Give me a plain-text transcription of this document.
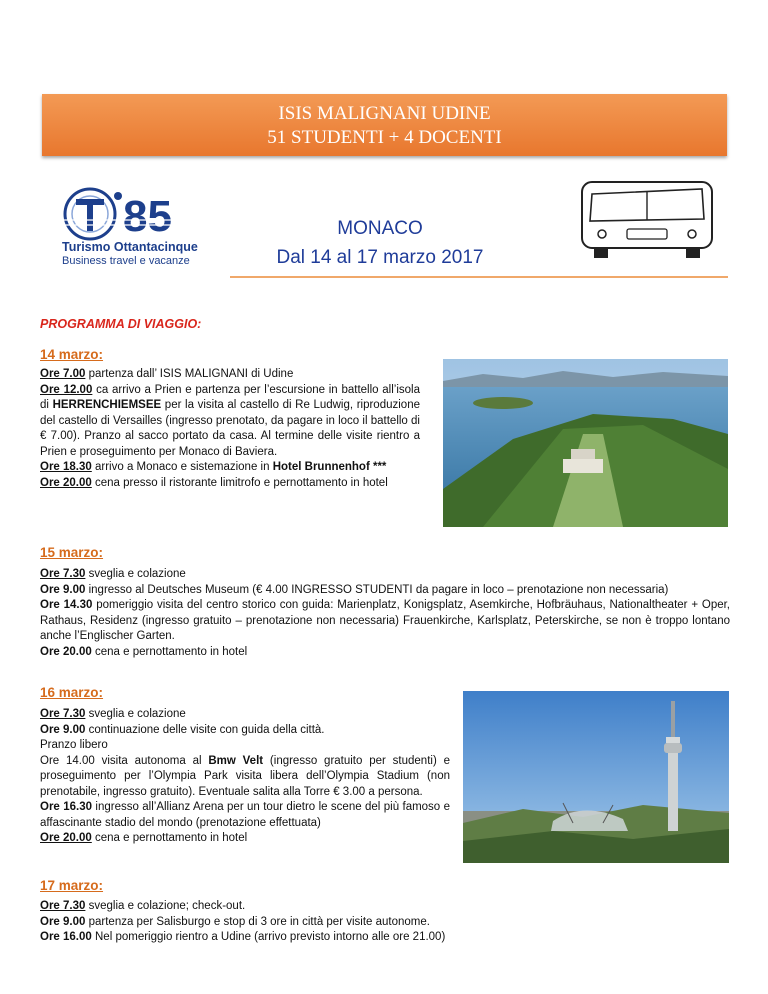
ISIS MALIGNANI UDINE
51 STUDENTI + 4 DOCENTI
85
Turismo Ottantacinque
Business travel e vacanze
MONACO
Dal 14 al 17 marzo 2017
PROGRAMMA DI VIAGGIO:
14 marzo:

Ore 7.00 partenza dall’ ISIS MALIGNANI di Udine

Ore 12.00 ca arrivo a Prien e partenza per l’escursione in battello all’isola di HERRENCHIEMSEE per la visita al castello di Re Ludwig, riproduzione del castello di Versailles (ingresso prenotato, da pagare in loco il battello di € 7.00). Pranzo al sacco portato da casa. Al termine delle visite rientro a Prien e proseguimento per Monaco di Baviera.

Ore 18.30 arrivo a Monaco e sistemazione in Hotel Brunnenhof ***

Ore 20.00 cena presso il ristorante limitrofo e pernottamento in hotel

15 marzo:

Ore 7.30 sveglia e colazione

Ore 9.00 ingresso al Deutsches Museum (€ 4.00 INGRESSO STUDENTI da pagare in loco – prenotazione non necessaria)

Ore 14.30 pomeriggio visita del centro storico con guida: Marienplatz, Konigsplatz, Asemkirche, Hofbräuhaus, Nationaltheater + Oper, Rathaus, Residenz (ingresso gratuito – prenotazione non necessaria) Frauenkirche, Karlsplatz, Peterskirche, se non è troppo lontano anche l’Englischer Garten.

Ore 20.00 cena e pernottamento in hotel

16 marzo:

Ore 7.30 sveglia e colazione

Ore 9.00 continuazione delle visite con guida della città.

Pranzo libero

Ore 14.00 visita autonoma al Bmw Velt (ingresso gratuito per studenti) e proseguimento per l’Olympia Park visita libera dell’Olympia Stadium (non prenotabile, ingresso gratuito). Eventuale salita alla Torre € 3.00 a persona.

Ore 16.30 ingresso all’Allianz Arena per un tour dietro le scene del più famoso e affascinante stadio del mondo (prenotazione effettuata)

Ore 20.00 cena e pernottamento in hotel

17 marzo:

Ore 7.30 sveglia e colazione; check-out.

Ore 9.00 partenza per Salisburgo e stop di 3 ore in città per visite autonome.

Ore 16.00 Nel pomeriggio rientro a Udine (arrivo previsto intorno alle ore 21.00)
